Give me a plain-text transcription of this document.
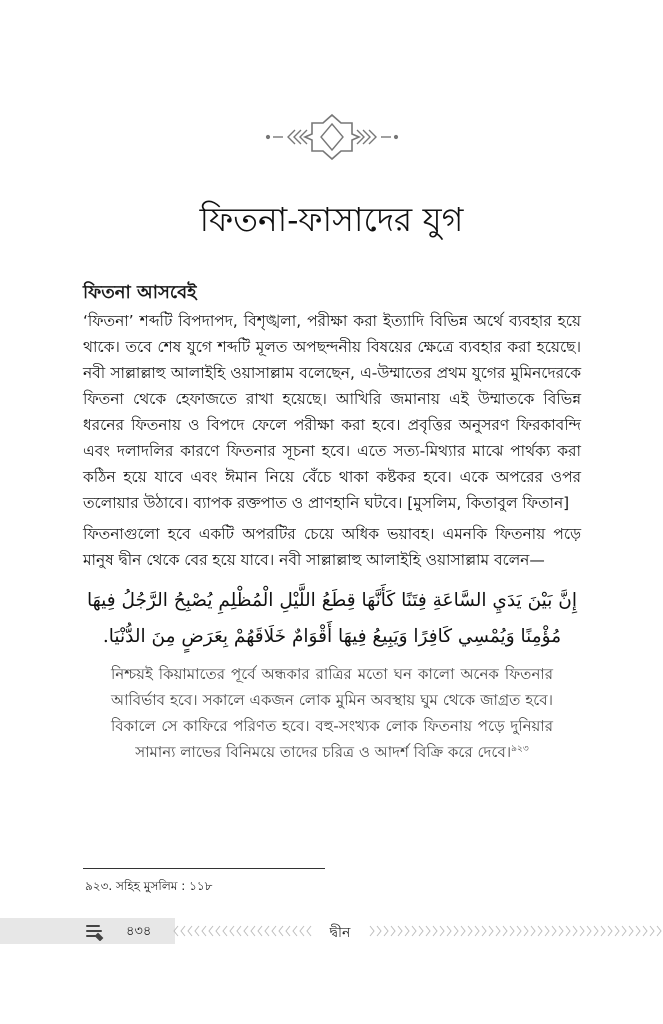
ফিতনা-ফাসাদের যুগ
ফিতনা আসবেই

‘ফিতনা’ শব্দটি বিপদাপদ, বিশৃঙ্খলা, পরীক্ষা করা ইত্যাদি বিভিন্ন অর্থে ব্যবহার হয়ে থাকে। তবে শেষ যুগে শব্দটি মূলত অপছন্দনীয় বিষয়ের ক্ষেত্রে ব্যবহার করা হয়েছে। নবী সাল্লাল্লাহু আলাইহি ওয়াসাল্লাম বলেছেন, এ-উম্মাতের প্রথম যুগের মুমিনদেরকে ফিতনা থেকে হেফাজতে রাখা হয়েছে। আখিরি জমানায় এই উম্মাতকে বিভিন্ন ধরনের ফিতনায় ও বিপদে ফেলে পরীক্ষা করা হবে। প্রবৃত্তির অনুসরণ ফিরকাবন্দি এবং দলাদলির কারণে ফিতনার সূচনা হবে। এতে সত্য-মিথ্যার মাঝে পার্থক্য করা কঠিন হয়ে যাবে এবং ঈমান নিয়ে বেঁচে থাকা কষ্টকর হবে। একে অপরের ওপর তলোয়ার উঠাবে। ব্যাপক রক্তপাত ও প্রাণহানি ঘটবে। [মুসলিম, কিতাবুল ফিতান]

ফিতনাগুলো হবে একটি অপরটির চেয়ে অধিক ভয়াবহ। এমনকি ফিতনায় পড়ে মানুষ দ্বীন থেকে বের হয়ে যাবে। নবী সাল্লাল্লাহু আলাইহি ওয়াসাল্লাম বলেন—

إِنَّ بَيْنَ يَدَيِ السَّاعَةِ فِتَنًا كَأَنَّهَا قِطَعُ اللَّيْلِ الْمُظْلِمِ يُصْبِحُ الرَّجُلُ فِيهَا
مُؤْمِنًا وَيُمْسِي كَافِرًا وَيَبِيعُ فِيهَا أَقْوَامٌ خَلَاقَهُمْ بِعَرَضٍ مِنَ الدُّنْيَا.

নিশ্চয়ই কিয়ামাতের পূর্বে অন্ধকার রাত্রির মতো ঘন কালো অনেক ফিতনার আবির্ভাব হবে। সকালে একজন লোক মুমিন অবস্থায় ঘুম থেকে জাগ্রত হবে। বিকালে সে কাফিরে পরিণত হবে। বহু-সংখ্যক লোক ফিতনায় পড়ে দুনিয়ার সামান্য লাভের বিনিময়ে তাদের চরিত্র ও আদর্শ বিক্রি করে দেবে।$^{৯২৩}$

৯২৩. সহিহ মুসলিম : ১১৮
৪৩৪	দ্বীন
